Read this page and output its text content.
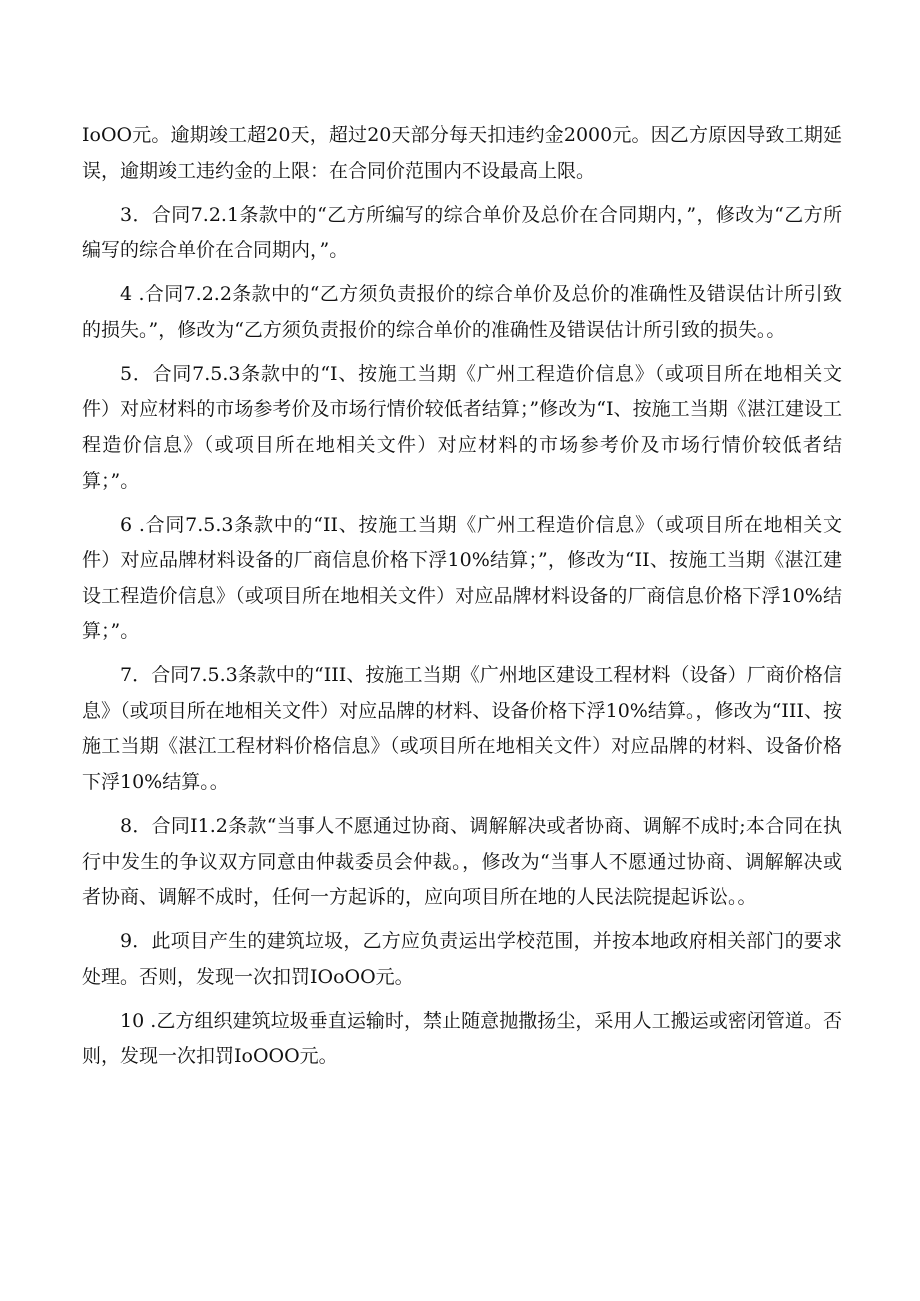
IoOO元。逾期竣工超20天，超过20天部分每天扣违约金2000元。因乙方原因导致工期延误，逾期竣工违约金的上限：在合同价范围内不设最高上限。

3．合同7.2.1条款中的“乙方所编写的综合单价及总价在合同期内，”，修改为“乙方所编写的综合单价在合同期内，”。

4 .合同7.2.2条款中的“乙方须负责报价的综合单价及总价的准确性及错误估计所引致的损失。”，修改为“乙方须负责报价的综合单价的准确性及错误估计所引致的损失。。

5．合同7.5.3条款中的“I、按施工当期《广州工程造价信息》（或项目所在地相关文件）对应材料的市场参考价及市场行情价较低者结算；”修改为“I、按施工当期《湛江建设工程造价信息》（或项目所在地相关文件）对应材料的市场参考价及市场行情价较低者结算；”。

6 .合同7.5.3条款中的“II、按施工当期《广州工程造价信息》（或项目所在地相关文件）对应品牌材料设备的厂商信息价格下浮10%结算；”，修改为“II、按施工当期《湛江建设工程造价信息》（或项目所在地相关文件）对应品牌材料设备的厂商信息价格下浮10%结算；”。

7．合同7.5.3条款中的“III、按施工当期《广州地区建设工程材料（设备）厂商价格信息》（或项目所在地相关文件）对应品牌的材料、设备价格下浮10%结算。，修改为“III、按施工当期《湛江工程材料价格信息》（或项目所在地相关文件）对应品牌的材料、设备价格下浮10%结算。。

8．合同I1.2条款“当事人不愿通过协商、调解解决或者协商、调解不成时;本合同在执行中发生的争议双方同意由仲裁委员会仲裁。，修改为“当事人不愿通过协商、调解解决或者协商、调解不成时，任何一方起诉的，应向项目所在地的人民法院提起诉讼。。

9．此项目产生的建筑垃圾，乙方应负责运出学校范围，并按本地政府相关部门的要求处理。否则，发现一次扣罚IOoOO元。

10 .乙方组织建筑垃圾垂直运输时，禁止随意抛撒扬尘，采用人工搬运或密闭管道。否则，发现一次扣罚IoOOO元。
